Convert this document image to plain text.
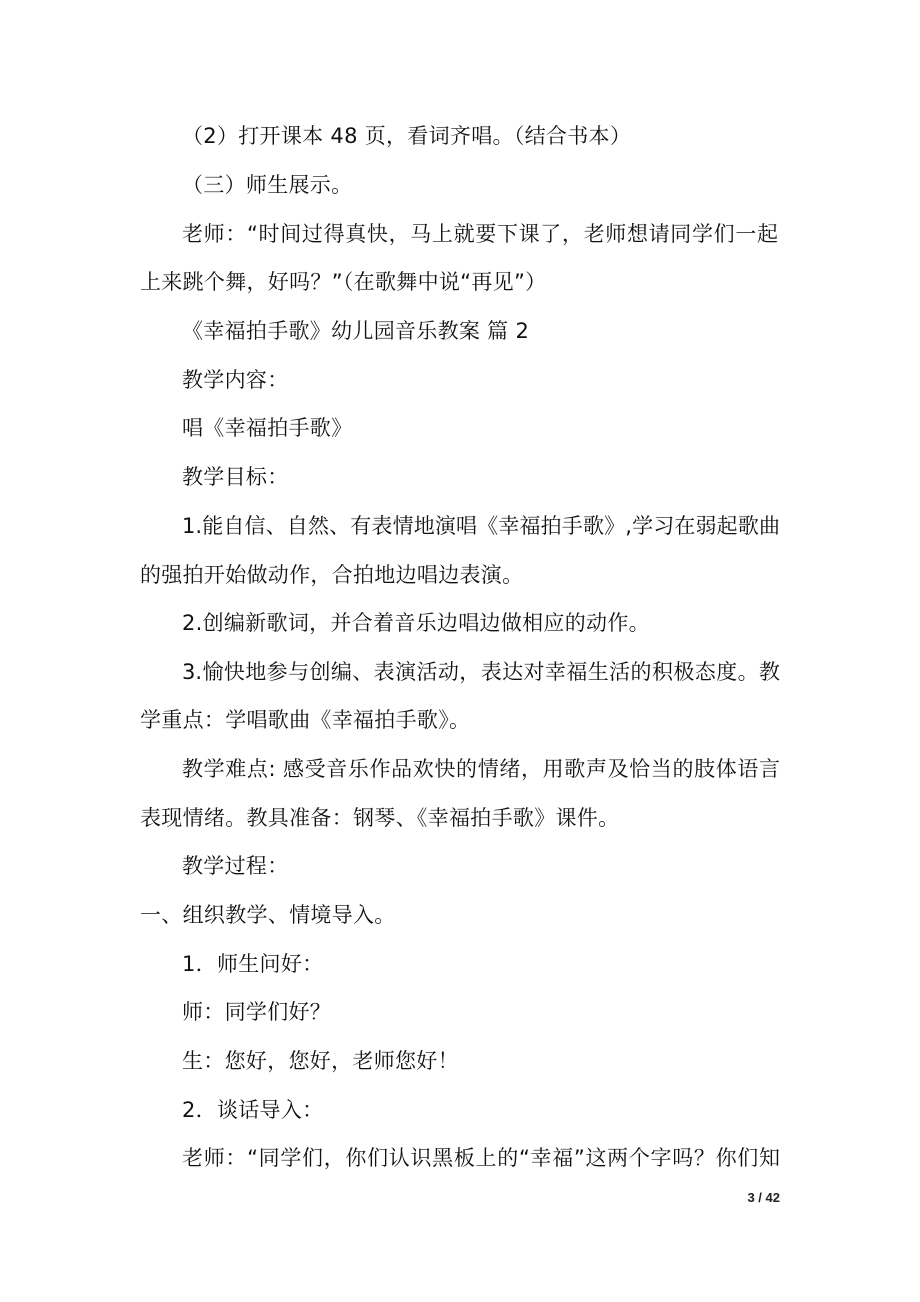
（2）打开课本 48 页，看词齐唱。（结合书本）
（三）师生展示。
老师：“时间过得真快，马上就要下课了，老师想请同学们一起
上来跳个舞，好吗？”（在歌舞中说“再见”）
《幸福拍手歌》幼儿园音乐教案 篇 2
教学内容：
唱《幸福拍手歌》
教学目标：
1.能自信、自然、有表情地演唱《幸福拍手歌》,学习在弱起歌曲
的强拍开始做动作，合拍地边唱边表演。
2.创编新歌词，并合着音乐边唱边做相应的动作。
3.愉快地参与创编、表演活动，表达对幸福生活的积极态度。教
学重点：学唱歌曲《幸福拍手歌》。
教学难点: 感受音乐作品欢快的情绪，用歌声及恰当的肢体语言
表现情绪。教具准备：钢琴、《幸福拍手歌》课件。
教学过程：
一、组织教学、情境导入。
1．师生问好：
师：同学们好？
生：您好，您好，老师您好！
2．谈话导入：
老师：“同学们，你们认识黑板上的“幸福”这两个字吗？你们知
3 / 42
